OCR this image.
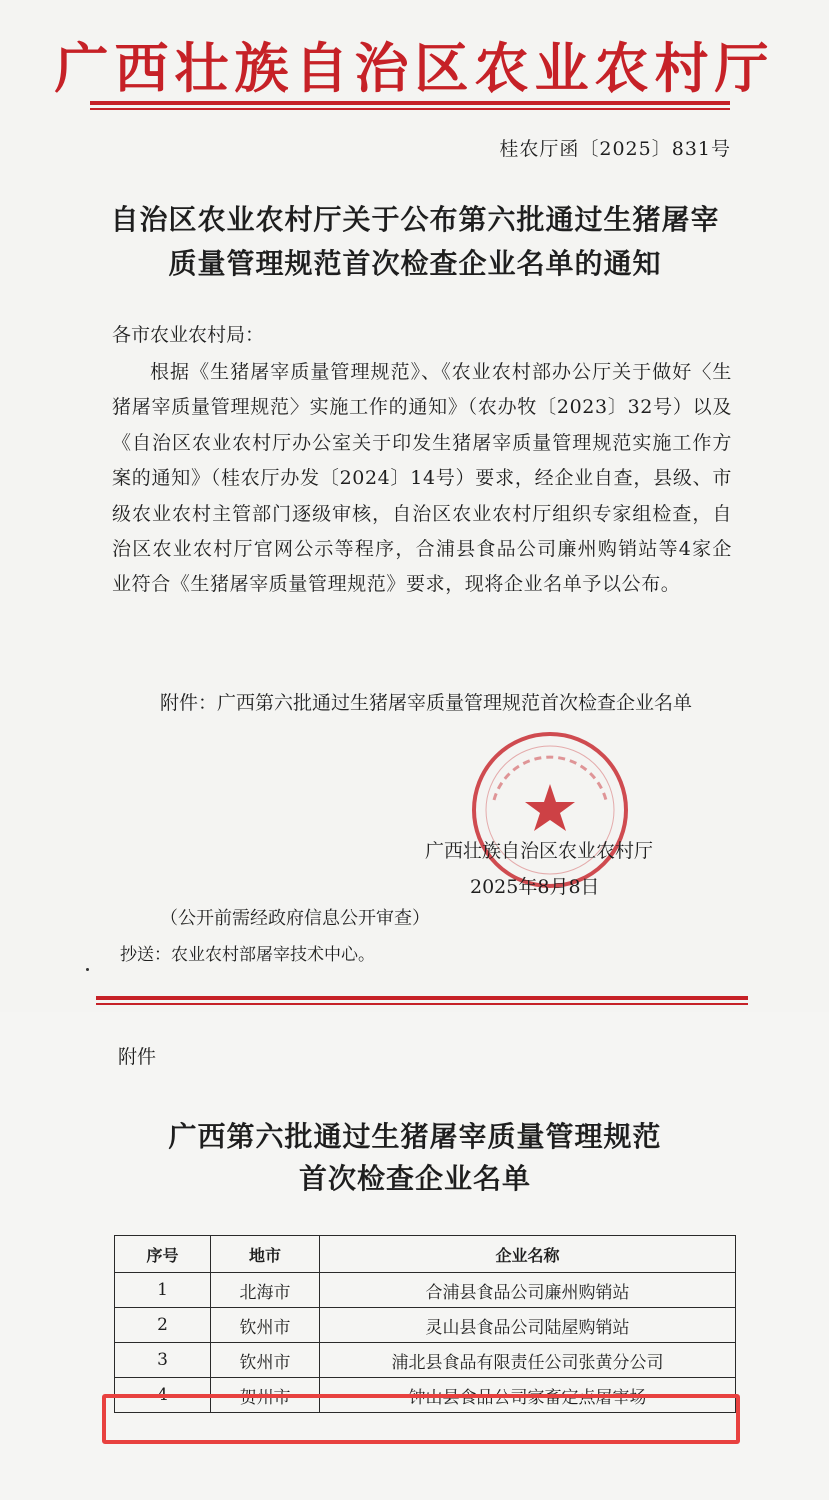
广西壮族自治区农业农村厅
桂农厅函〔2025〕831号
自治区农业农村厅关于公布第六批通过生猪屠宰
质量管理规范首次检查企业名单的通知
各市农业农村局：
根据《生猪屠宰质量管理规范》、《农业农村部办公厅关于做好〈生猪屠宰质量管理规范〉实施工作的通知》（农办牧〔2023〕32号）以及《自治区农业农村厅办公室关于印发生猪屠宰质量管理规范实施工作方案的通知》（桂农厅办发〔2024〕14号）要求，经企业自查，县级、市级农业农村主管部门逐级审核，自治区农业农村厅组织专家组检查，自治区农业农村厅官网公示等程序，合浦县食品公司廉州购销站等4家企业符合《生猪屠宰质量管理规范》要求，现将企业名单予以公布。
附件：广西第六批通过生猪屠宰质量管理规范首次检查企业名单
广西壮族自治区农业农村厅
2025年8月8日
（公开前需经政府信息公开审查）
抄送：农业农村部屠宰技术中心。
附件
广西第六批通过生猪屠宰质量管理规范
首次检查企业名单
序号	地市	企业名称
1	北海市	合浦县食品公司廉州购销站
2	钦州市	灵山县食品公司陆屋购销站
3	钦州市	浦北县食品有限责任公司张黄分公司
4	贺州市	钟山县食品公司家畜定点屠宰场
